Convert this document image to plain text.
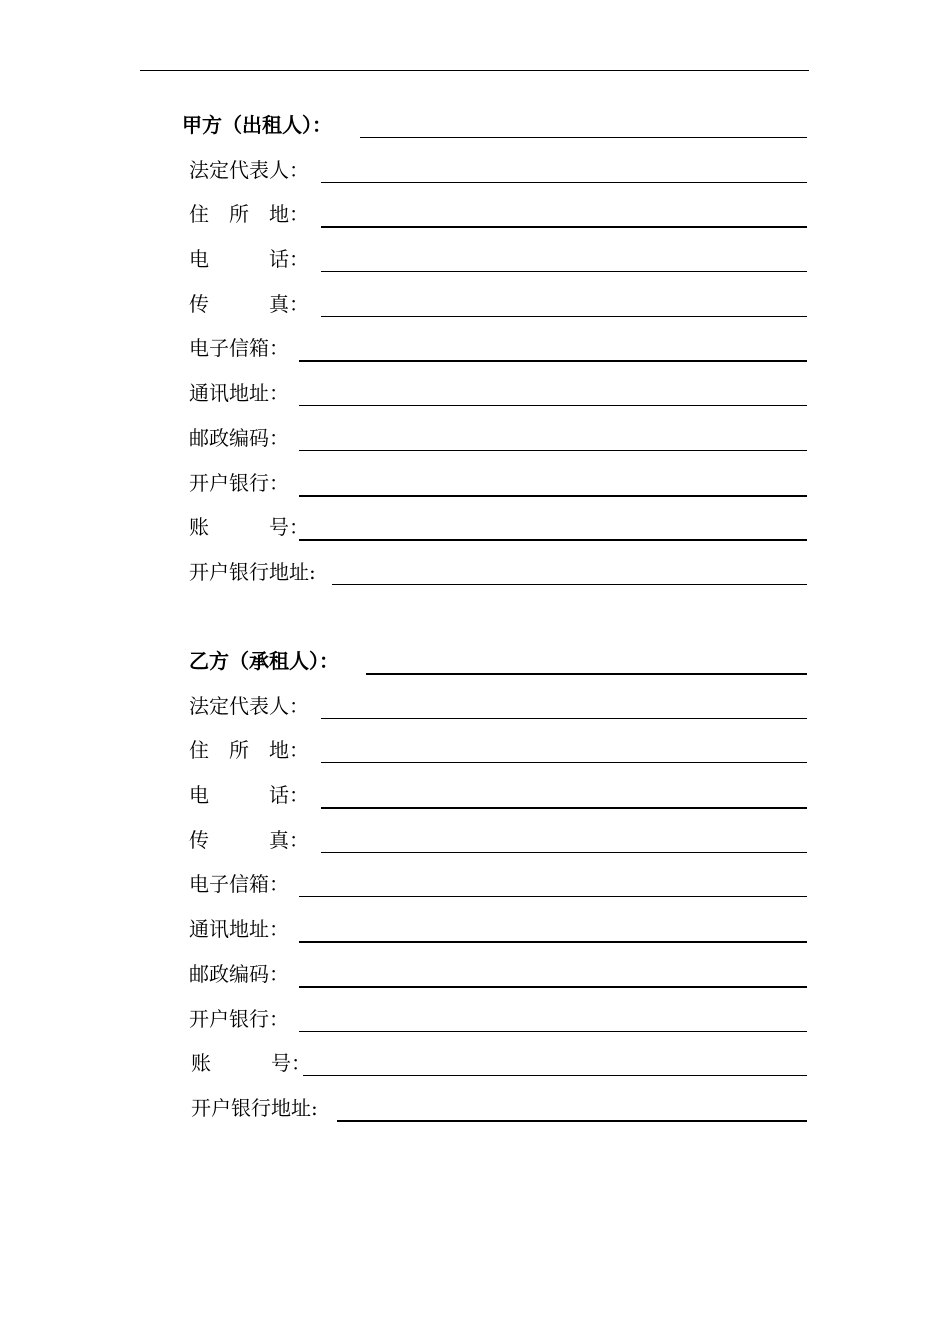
甲方（出租人）：
法定代表人：
住　所　地：
电　　　话：
传　　　真：
电子信箱：
通讯地址：
邮政编码：
开户银行：
账　　　号：
开户银行地址:
乙方（承租人）：
法定代表人：
住　所　地：
电　　　话：
传　　　真：
电子信箱：
通讯地址：
邮政编码：
开户银行：
账　　　号：
开户银行地址:
